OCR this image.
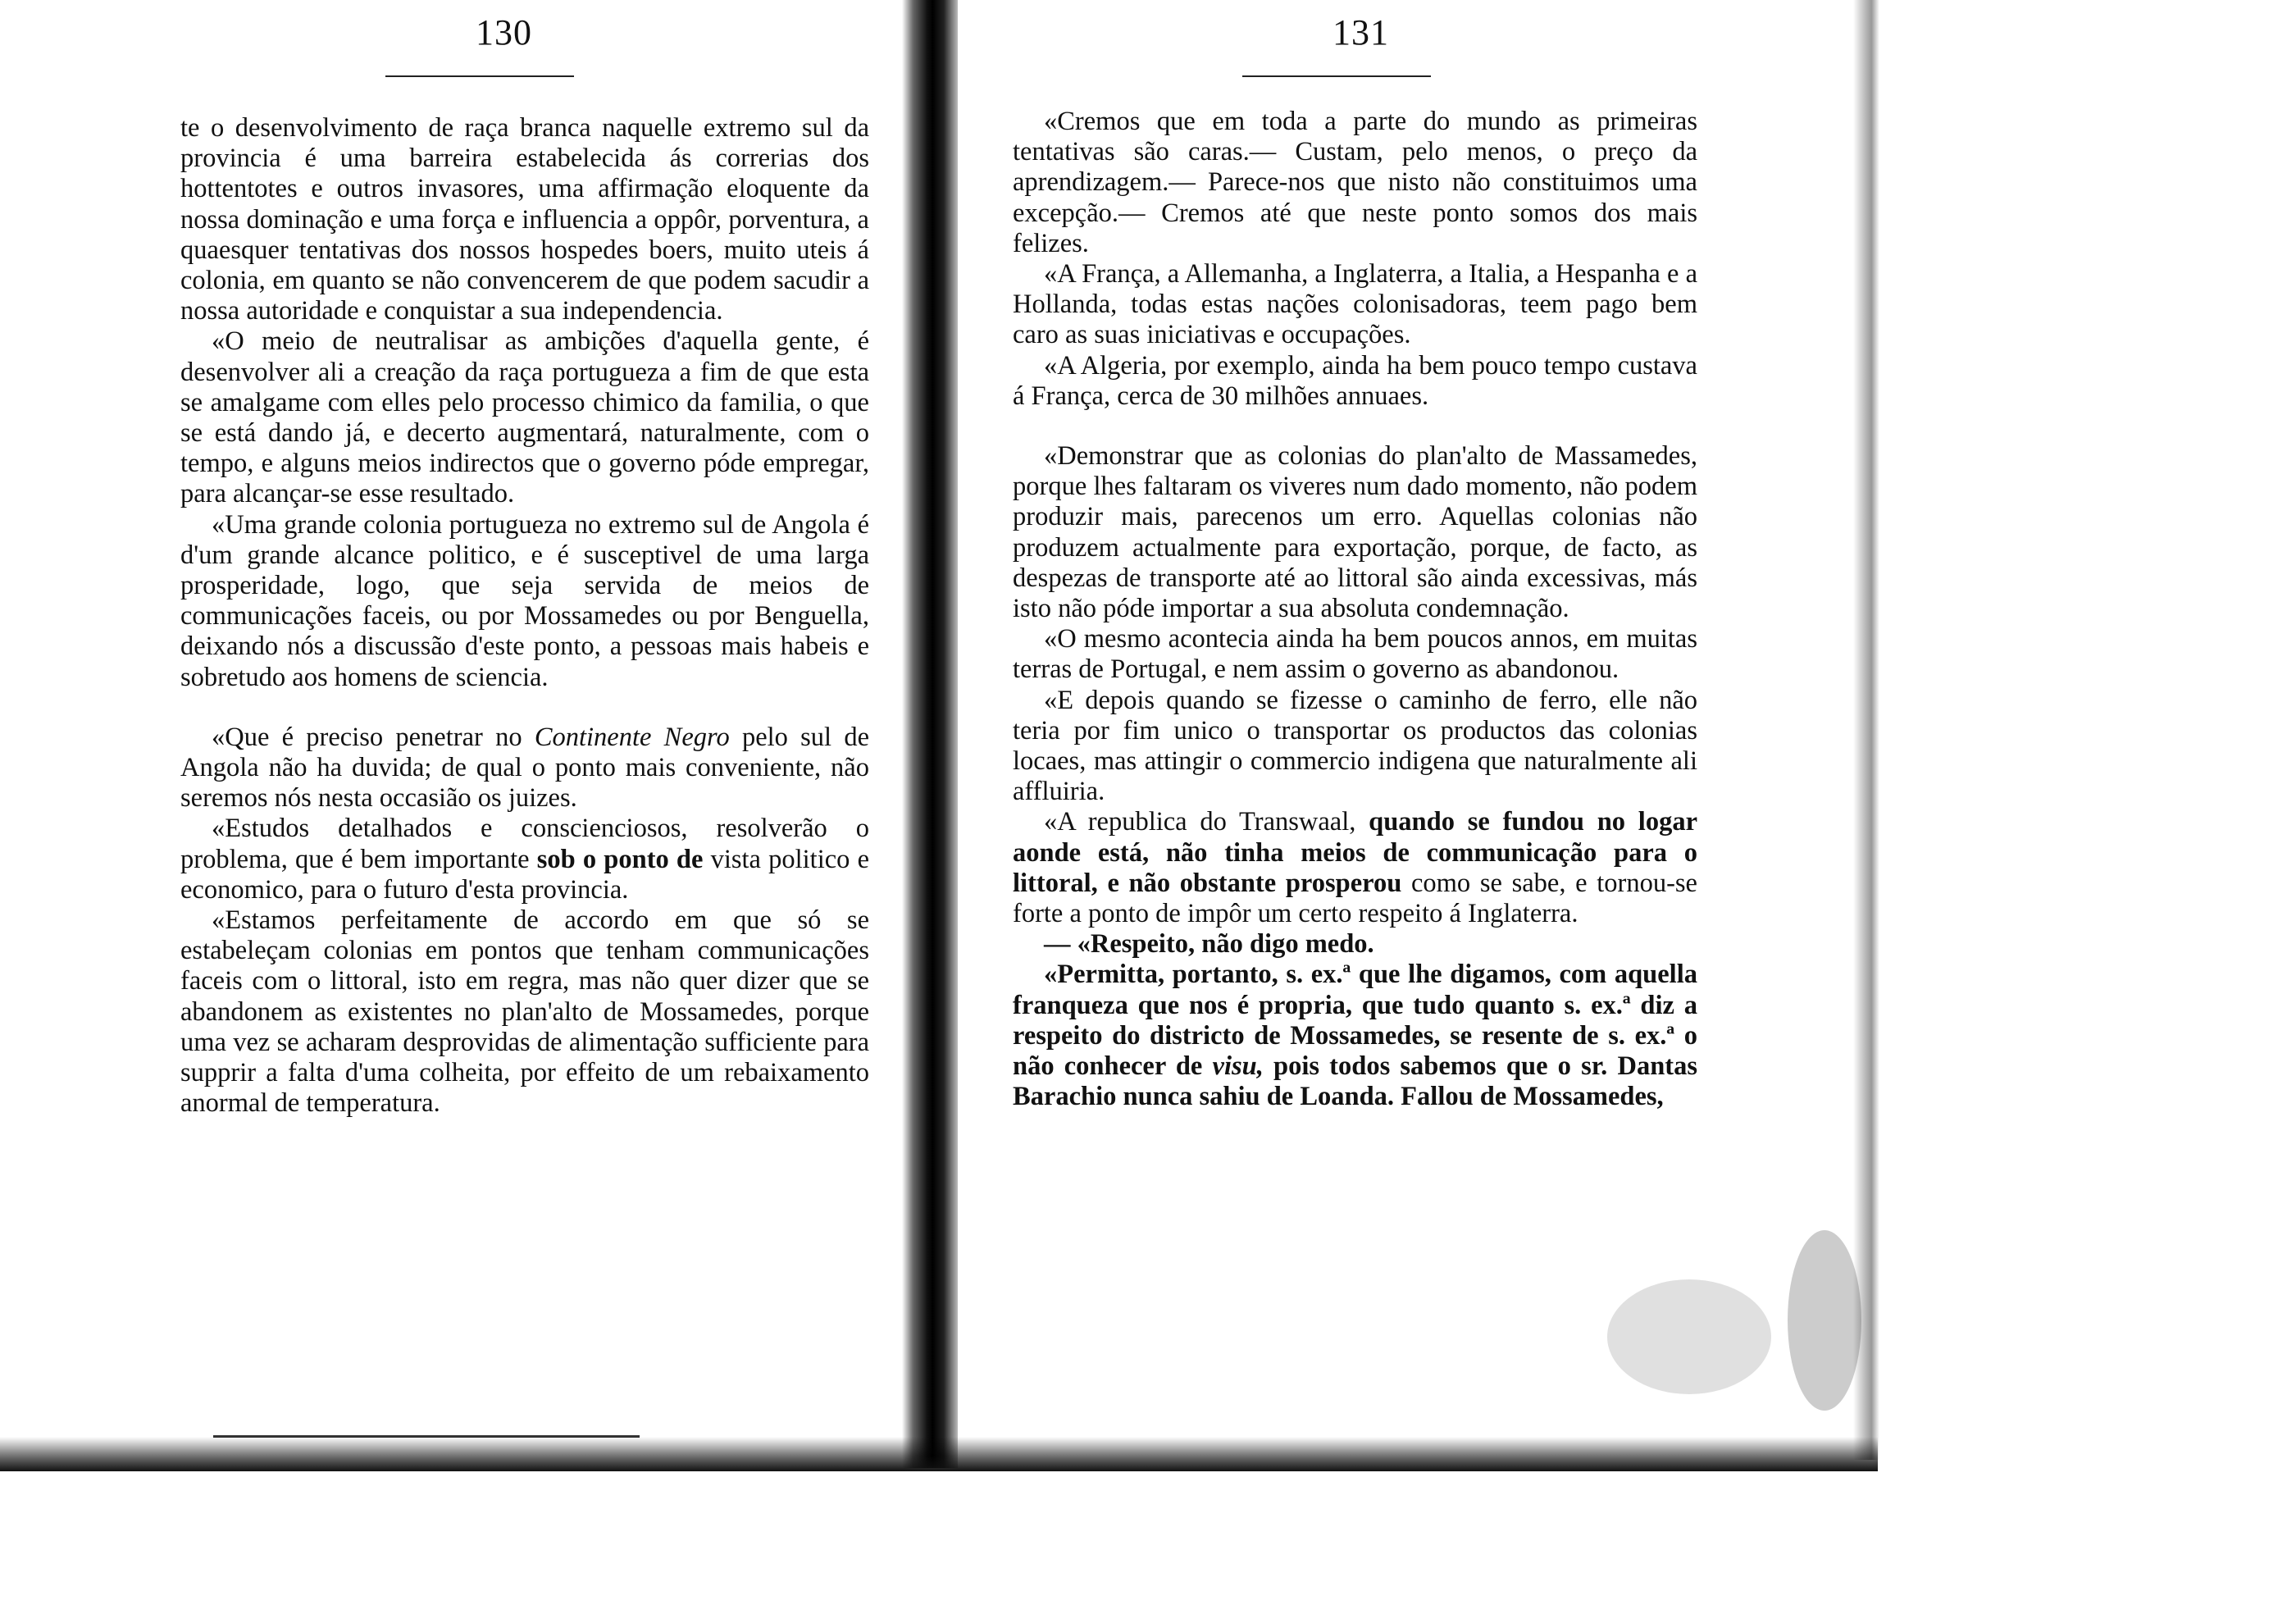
130

te o desenvolvimento de raça branca naquelle extremo sul da provincia é uma barreira estabelecida ás correrias dos hottentotes e outros invasores, uma affirmação eloquente da nossa dominação e uma força e influencia a oppôr, porventura, a quaesquer tentativas dos nossos hospedes boers, muito uteis á colonia, em quanto se não convencerem de que podem sacudir a nossa autoridade e conquistar a sua independencia.

«O meio de neutralisar as ambições d'aquella gente, é desenvolver ali a creação da raça portugueza a fim de que esta se amalgame com elles pelo processo chimico da familia, o que se está dando já, e decerto augmentará, naturalmente, com o tempo, e alguns meios indirectos que o governo póde empregar, para alcançar-se esse resultado.

«Uma grande colonia portugueza no extremo sul de Angola é d'um grande alcance politico, e é susceptivel de uma larga prosperidade, logo, que seja servida de meios de communicações faceis, ou por Mossamedes ou por Benguella, deixando nós a discussão d'este ponto, a pessoas mais habeis e sobretudo aos homens de sciencia.

«Que é preciso penetrar no Continente Negro pelo sul de Angola não ha duvida; de qual o ponto mais conveniente, não seremos nós nesta occasião os juizes.

«Estudos detalhados e conscienciosos, resolverão o problema, que é bem importante sob o ponto de vista politico e economico, para o futuro d'esta provincia.

«Estamos perfeitamente de accordo em que só se estabeleçam colonias em pontos que tenham communicações faceis com o littoral, isto em regra, mas não quer dizer que se abandonem as existentes no plan'alto de Mossamedes, porque uma vez se acharam desprovidas de alimentação sufficiente para supprir a falta d'uma colheita, por effeito de um rebaixamento anormal de temperatura.

131

«Cremos que em toda a parte do mundo as primeiras tentativas são caras.— Custam, pelo menos, o preço da aprendizagem.— Parece-nos que nisto não constituimos uma excepção.— Cremos até que neste ponto somos dos mais felizes.

«A França, a Allemanha, a Inglaterra, a Italia, a Hespanha e a Hollanda, todas estas nações colonisadoras, teem pago bem caro as suas iniciativas e occupações.

«A Algeria, por exemplo, ainda ha bem pouco tempo custava á França, cerca de 30 milhões annuaes.

«Demonstrar que as colonias do plan'alto de Massamedes, porque lhes faltaram os viveres num dado momento, não podem produzir mais, parecenos um erro. Aquellas colonias não produzem actualmente para exportação, porque, de facto, as despezas de transporte até ao littoral são ainda excessivas, más isto não póde importar a sua absoluta condemnação.

«O mesmo acontecia ainda ha bem poucos annos, em muitas terras de Portugal, e nem assim o governo as abandonou.

«E depois quando se fizesse o caminho de ferro, elle não teria por fim unico o transportar os productos das colonias locaes, mas attingir o commercio indigena que naturalmente ali affluiria.

«A republica do Transwaal, quando se fundou no logar aonde está, não tinha meios de communicação para o littoral, e não obstante prosperou como se sabe, e tornou-se forte a ponto de impôr um certo respeito á Inglaterra.

— «Respeito, não digo medo.

«Permitta, portanto, s. ex.ª que lhe digamos, com aquella franqueza que nos é propria, que tudo quanto s. ex.ª diz a respeito do districto de Mossamedes, se resente de s. ex.ª o não conhecer de visu, pois todos sabemos que o sr. Dantas Barachio nunca sahiu de Loanda. Fallou de Mossamedes,
